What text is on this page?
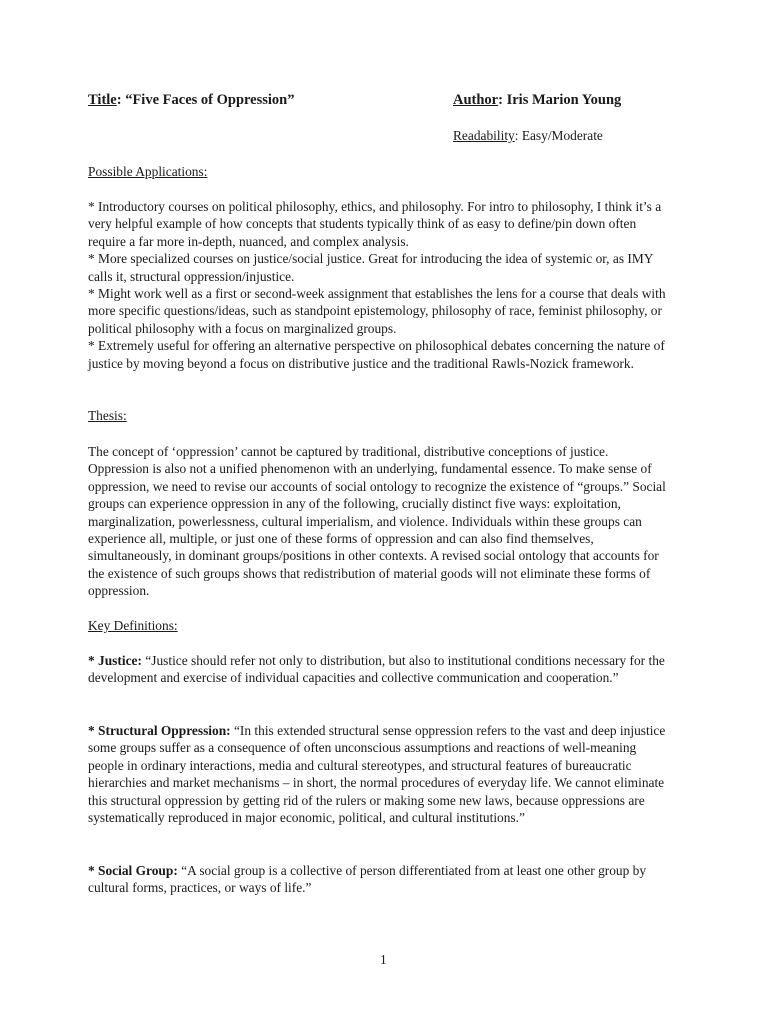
Title: “Five Faces of Oppression”	Author: Iris Marion Young
Readability: Easy/Moderate
Possible Applications:

* Introductory courses on political philosophy, ethics, and philosophy. For intro to philosophy, I think it’s a very helpful example of how concepts that students typically think of as easy to define/pin down often require a far more in-depth, nuanced, and complex analysis.

* More specialized courses on justice/social justice. Great for introducing the idea of systemic or, as IMY calls it, structural oppression/injustice.

* Might work well as a first or second-week assignment that establishes the lens for a course that deals with more specific questions/ideas, such as standpoint epistemology, philosophy of race, feminist philosophy, or political philosophy with a focus on marginalized groups.

* Extremely useful for offering an alternative perspective on philosophical debates concerning the nature of justice by moving beyond a focus on distributive justice and the traditional Rawls-Nozick framework.

Thesis:

The concept of ‘oppression’ cannot be captured by traditional, distributive conceptions of justice. Oppression is also not a unified phenomenon with an underlying, fundamental essence. To make sense of oppression, we need to revise our accounts of social ontology to recognize the existence of “groups.” Social groups can experience oppression in any of the following, crucially distinct five ways: exploitation, marginalization, powerlessness, cultural imperialism, and violence. Individuals within these groups can experience all, multiple, or just one of these forms of oppression and can also find themselves, simultaneously, in dominant groups/positions in other contexts. A revised social ontology that accounts for the existence of such groups shows that redistribution of material goods will not eliminate these forms of oppression.

Key Definitions:

* Justice: “Justice should refer not only to distribution, but also to institutional conditions necessary for the development and exercise of individual capacities and collective communication and cooperation.”

* Structural Oppression: “In this extended structural sense oppression refers to the vast and deep injustice some groups suffer as a consequence of often unconscious assumptions and reactions of well-meaning people in ordinary interactions, media and cultural stereotypes, and structural features of bureaucratic hierarchies and market mechanisms – in short, the normal procedures of everyday life. We cannot eliminate this structural oppression by getting rid of the rulers or making some new laws, because oppressions are systematically reproduced in major economic, political, and cultural institutions.”

* Social Group: “A social group is a collective of person differentiated from at least one other group by cultural forms, practices, or ways of life.”

1
